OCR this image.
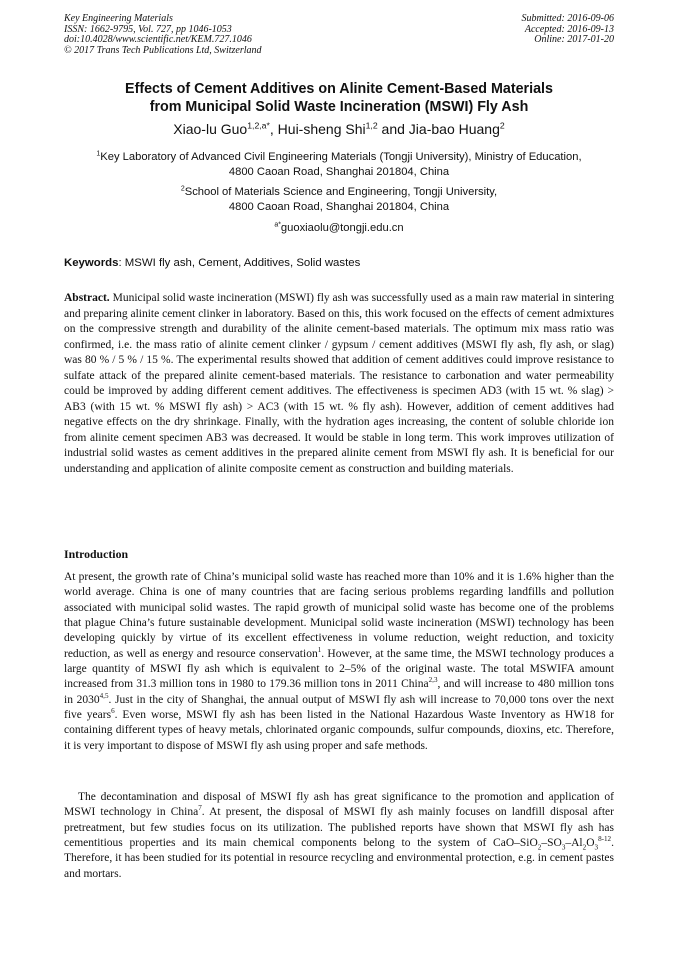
Key Engineering Materials
ISSN: 1662-9795, Vol. 727, pp 1046-1053
doi:10.4028/www.scientific.net/KEM.727.1046
© 2017 Trans Tech Publications Ltd, Switzerland
Submitted: 2016-09-06
Accepted: 2016-09-13
Online: 2017-01-20
Effects of Cement Additives on Alinite Cement-Based Materials
from Municipal Solid Waste Incineration (MSWI) Fly Ash
Xiao-lu Guo$^{1,2,a*}$, Hui-sheng Shi$^{1,2}$ and Jia-bao Huang$^2$
$^1$Key Laboratory of Advanced Civil Engineering Materials (Tongji University), Ministry of Education,
4800 Caoan Road, Shanghai 201804, China
$^2$School of Materials Science and Engineering, Tongji University,
4800 Caoan Road, Shanghai 201804, China
$^{a*}$guoxiaolu@tongji.edu.cn
Keywords: MSWI fly ash, Cement, Additives, Solid wastes

Abstract. Municipal solid waste incineration (MSWI) fly ash was successfully used as a main raw material in sintering and preparing alinite cement clinker in laboratory. Based on this, this work focused on the effects of cement admixtures on the compressive strength and durability of the alinite cement-based materials. The optimum mix mass ratio was confirmed, i.e. the mass ratio of alinite cement clinker / gypsum / cement additives (MSWI fly ash, fly ash, or slag) was 80 % / 5 % / 15 %. The experimental results showed that addition of cement additives could improve resistance to sulfate attack of the prepared alinite cement-based materials. The resistance to carbonation and water permeability could be improved by adding different cement additives. The effectiveness is specimen AD3 (with 15 wt. % slag) > AB3 (with 15 wt. % MSWI fly ash) > AC3 (with 15 wt. % fly ash). However, addition of cement additives had negative effects on the dry shrinkage. Finally, with the hydration ages increasing, the content of soluble chloride ion from alinite cement specimen AB3 was decreased. It would be stable in long term. This work improves utilization of industrial solid wastes as cement additives in the prepared alinite cement from MSWI fly ash. It is beneficial for our understanding and application of alinite composite cement as construction and building materials.

Introduction

At present, the growth rate of China’s municipal solid waste has reached more than 10% and it is 1.6% higher than the world average. China is one of many countries that are facing serious problems regarding landfills and pollution associated with municipal solid wastes. The rapid growth of municipal solid waste has become one of the problems that plague China’s future sustainable development. Municipal solid waste incineration (MSWI) technology has been developing quickly by virtue of its excellent effectiveness in volume reduction, weight reduction, and toxicity reduction, as well as energy and resource conservation$^1$. However, at the same time, the MSWI technology produces a large quantity of MSWI fly ash which is equivalent to 2–5% of the original waste. The total MSWIFA amount increased from 31.3 million tons in 1980 to 179.36 million tons in 2011 China$^{2,3}$, and will increase to 480 million tons in 2030$^{4,5}$. Just in the city of Shanghai, the annual output of MSWI fly ash will increase to 70,000 tons over the next five years$^6$. Even worse, MSWI fly ash has been listed in the National Hazardous Waste Inventory as HW18 for containing different types of heavy metals, chlorinated organic compounds, sulfur compounds, dioxins, etc. Therefore, it is very important to dispose of MSWI fly ash using proper and safe methods.

The decontamination and disposal of MSWI fly ash has great significance to the promotion and application of MSWI technology in China$^7$. At present, the disposal of MSWI fly ash mainly focuses on landfill disposal after pretreatment, but few studies focus on its utilization. The published reports have shown that MSWI fly ash has cementitious properties and its main chemical components belong to the system of CaO–$SiO_2-SO_3-Al_2O_3^{8-12}$. Therefore, it has been studied for its potential in resource recycling and environmental protection, e.g. in cement pastes and mortars.
